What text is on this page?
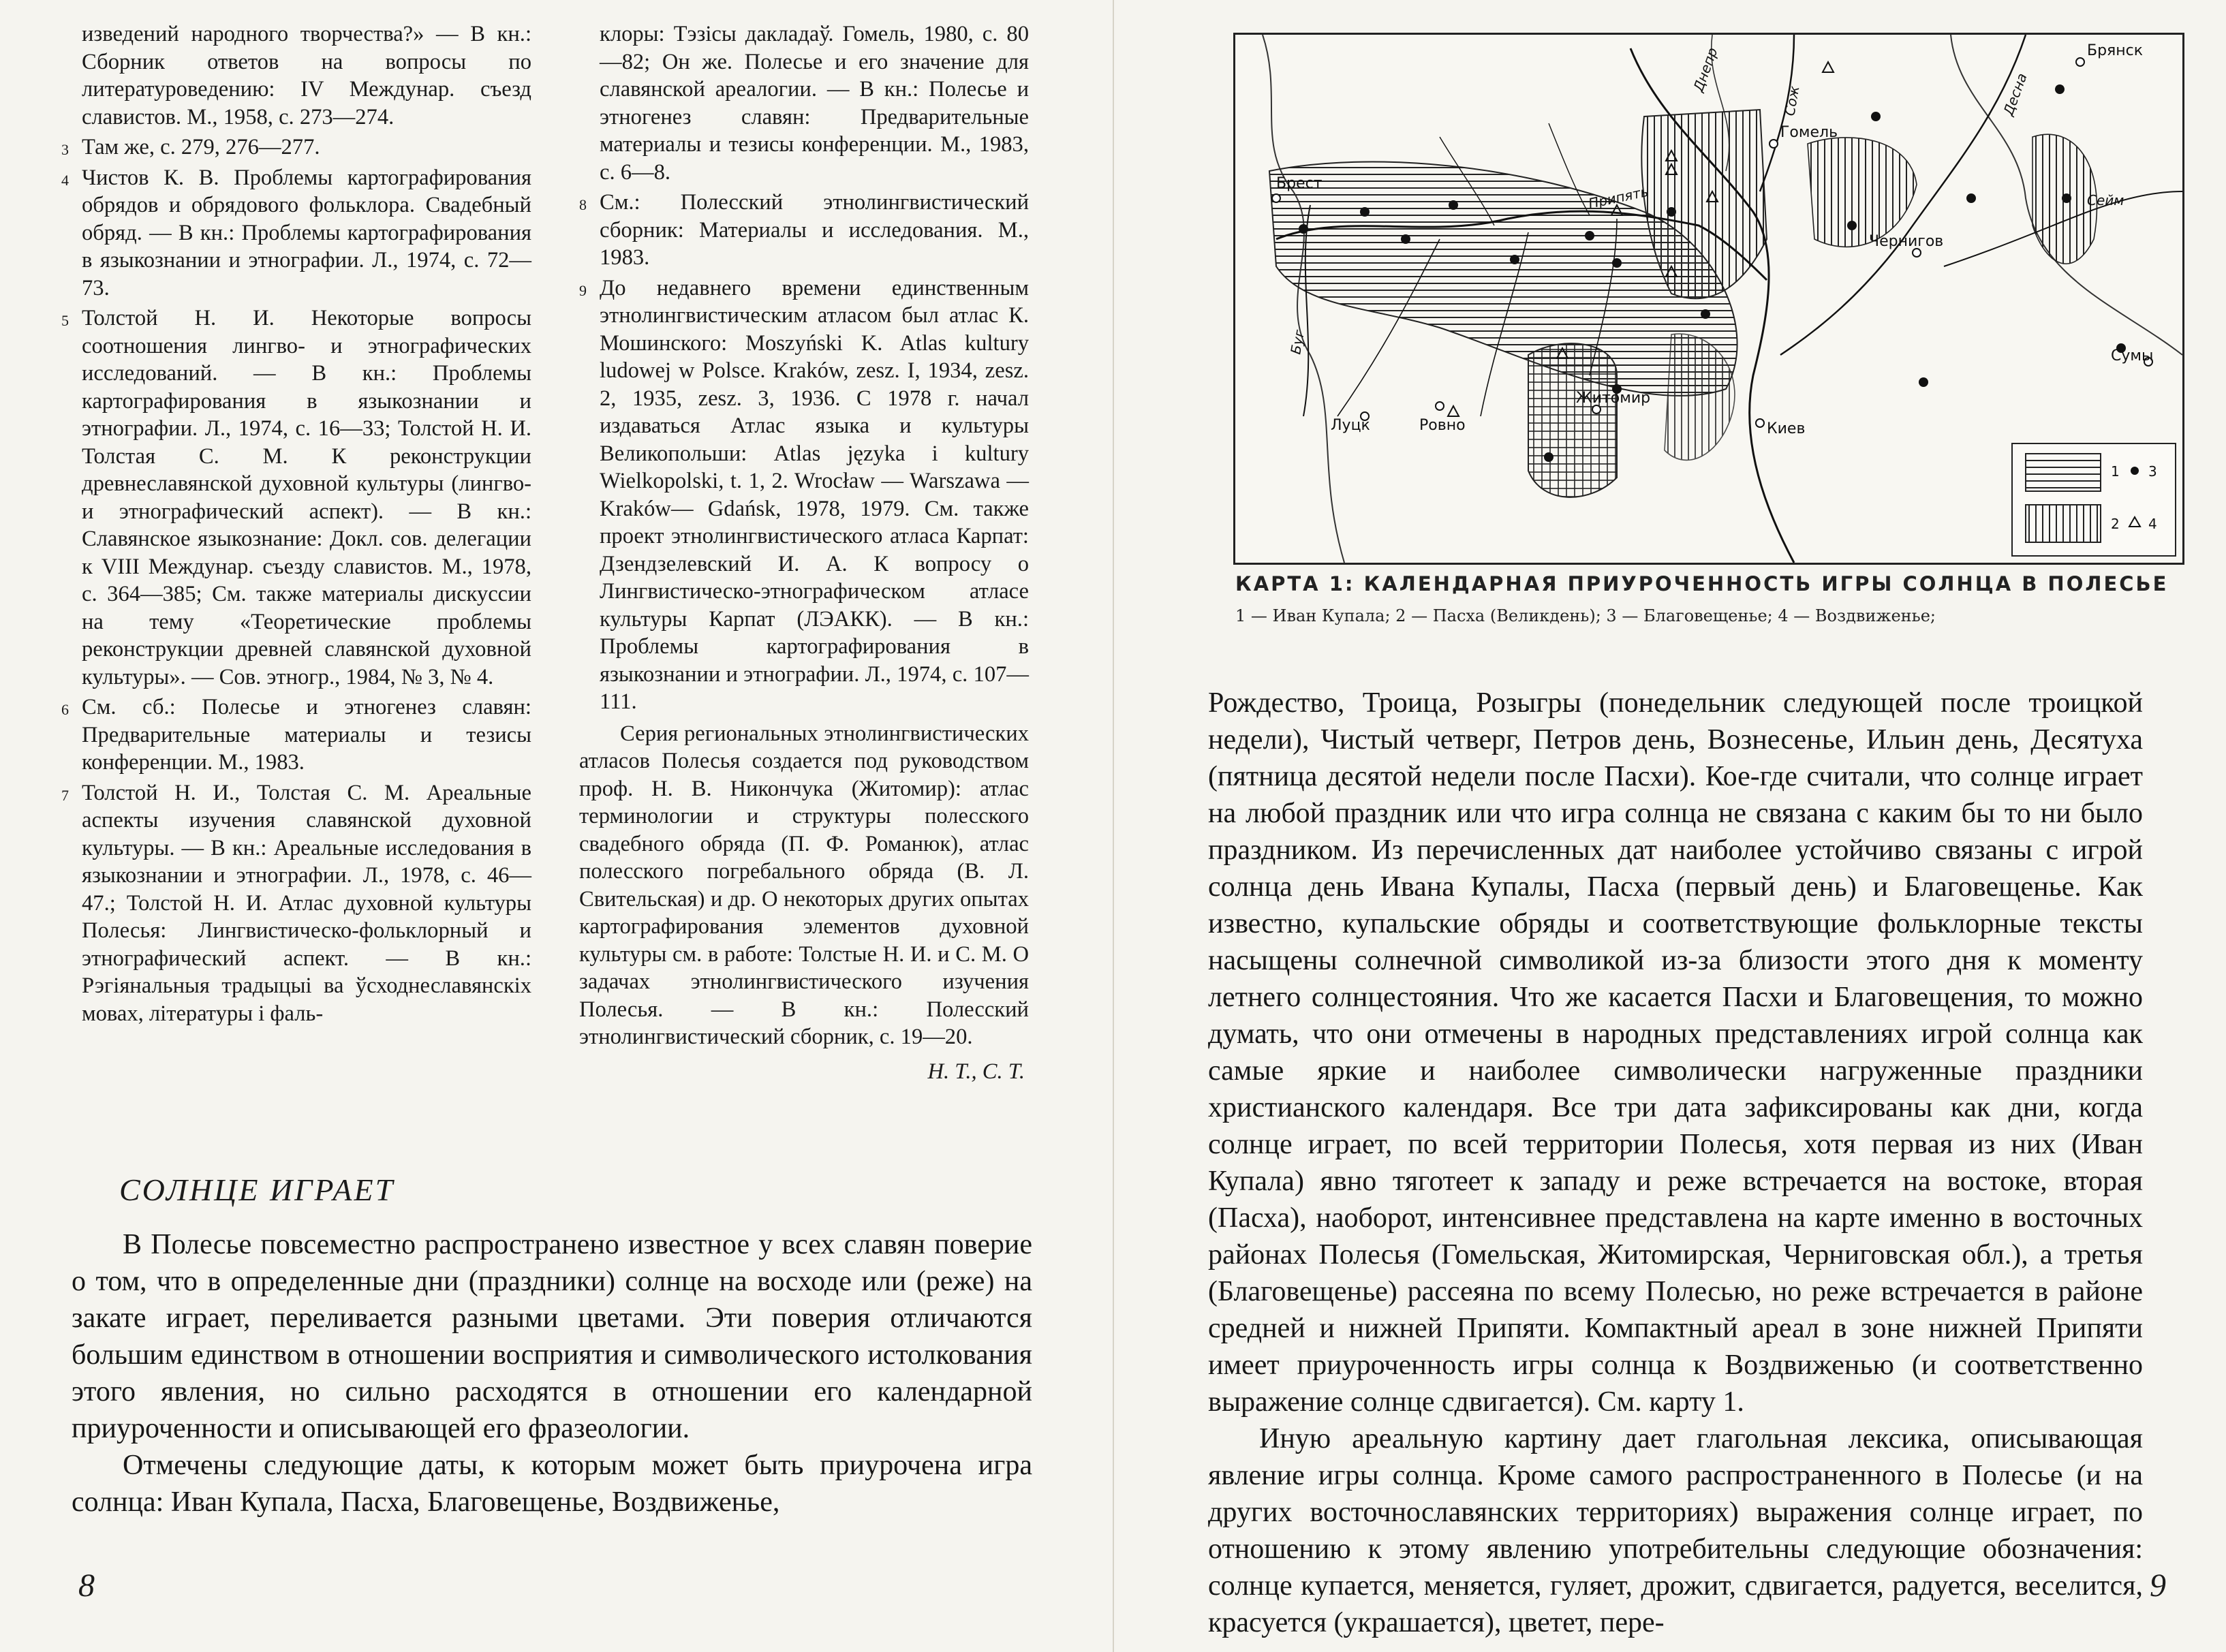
изведений народного творчества?» — В кн.: Сборник ответов на вопросы по литературоведению: IV Междунар. съезд славистов. М., 1958, с. 273—274.

3 Там же, с. 279, 276—277.

4 Чистов К. В. Проблемы картографирования обрядов и обрядового фольклора. Свадебный обряд. — В кн.: Проблемы картографирования в языкознании и этнографии. Л., 1974, с. 72—73.

5 Толстой Н. И. Некоторые вопросы соотношения лингво- и этнографических исследований. — В кн.: Проблемы картографирования в языкознании и этнографии. Л., 1974, с. 16—33; Толстой Н. И. Толстая С. М. К реконструкции древнеславянской духовной культуры (лингво- и этнографический аспект). — В кн.: Славянское языкознание: Докл. сов. делегации к VIII Междунар. съезду славистов. М., 1978, с. 364—385; См. также материалы дискуссии на тему «Теоретические проблемы реконструкции древней славянской духовной культуры». — Сов. этногр., 1984, № 3, № 4.

6 См. сб.: Полесье и этногенез славян: Предварительные материалы и тезисы конференции. М., 1983.

7 Толстой Н. И., Толстая С. М. Ареальные аспекты изучения славянской духовной культуры. — В кн.: Ареальные исследования в языкознании и этнографии. Л., 1978, с. 46—47.; Толстой Н. И. Атлас духовной культуры Полесья: Лингвистическо-фольклорный и этнографический аспект. — В кн.: Рэгіянальныя традыцыі ва ўсходнеславянскіх мовах, літературы і фаль-

клоры: Тэзісы дакладаў. Гомель, 1980, с. 80—82; Он же. Полесье и его значение для славянской ареалогии. — В кн.: Полесье и этногенез славян: Предварительные материалы и тезисы конференции. М., 1983, с. 6—8.

8 См.: Полесский этнолингвистический сборник: Материалы и исследования. М., 1983.

9 До недавнего времени единственным этнолингвистическим атласом был атлас К. Мошинского: Moszyński K. Atlas kultury ludowej w Polsce. Kraków, zesz. I, 1934, zesz. 2, 1935, zesz. 3, 1936. С 1978 г. начал издаваться Атлас языка и культуры Великопольши: Atlas języka i kultury Wielkopolski, t. 1, 2. Wrocław — Warszawa — Kraków— Gdańsk, 1978, 1979. См. также проект этнолингвистического атласа Карпат: Дзендзелевский И. А. К вопросу о Лингвистическо-этнографическом атласе культуры Карпат (ЛЭАКК). — В кн.: Проблемы картографирования в языкознании и этнографии. Л., 1974, с. 107—111.

Серия региональных этнолингвистических атласов Полесья создается под руководством проф. Н. В. Никончука (Житомир): атлас терминологии и структуры полесского свадебного обряда (П. Ф. Романюк), атлас полесского погребального обряда (В. Л. Свительская) и др. О некоторых других опытах картографирования элементов духовной культуры см. в работе: Толстые Н. И. и С. М. О задачах этнолингвистического изучения Полесья. — В кн.: Полесский этнолингвистический сборник, с. 19—20.

Н. Т., С. Т.
СОЛНЦЕ ИГРАЕТ

В Полесье повсеместно распространено известное у всех славян поверие о том, что в определенные дни (праздники) солнце на восходе или (реже) на закате играет, переливается разными цветами. Эти поверия отличаются большим единством в отношении восприятия и символического истолкования этого явления, но сильно расходятся в отношении его календарной приуроченности и описывающей его фразеологии.

Отмечены следующие даты, к которым может быть приурочена игра солнца: Иван Купала, Пасха, Благовещенье, Воздвиженье,

8
Брянск
Гомель
Брест
Чернигов
Сумы
Луцк	Ровно
Житомир
Киев
Днепр
Сож	Десна
Сейм
Припять
Буг
1 3
2 4
КАРТА 1: КАЛЕНДАРНАЯ ПРИУРОЧЕННОСТЬ ИГРЫ СОЛНЦА В ПОЛЕСЬЕ
1 — Иван Купала; 2 — Пасха (Великдень); 3 — Благовещенье; 4 — Воздвиженье;

Рождество, Троица, Розыгры (понедельник следующей после троицкой недели), Чистый четверг, Петров день, Вознесенье, Ильин день, Десятуха (пятница десятой недели после Пасхи). Кое-где считали, что солнце играет на любой праздник или что игра солнца не связана с каким бы то ни было праздником. Из перечисленных дат наиболее устойчиво связаны с игрой солнца день Ивана Купалы, Пасха (первый день) и Благовещенье. Как известно, купальские обряды и соответствующие фольклорные тексты насыщены солнечной символикой из-за близости этого дня к моменту летнего солнцестояния. Что же касается Пасхи и Благовещения, то можно думать, что они отмечены в народных представлениях игрой солнца как самые яркие и наиболее символически нагруженные праздники христианского календаря. Все три дата зафиксированы как дни, когда солнце играет, по всей территории Полесья, хотя первая из них (Иван Купала) явно тяготеет к западу и реже встречается на востоке, вторая (Пасха), наоборот, интенсивнее представлена на карте именно в восточных районах Полесья (Гомельская, Житомирская, Черниговская обл.), а третья (Благовещенье) рассеяна по всему Полесью, но реже встречается в районе средней и нижней Припяти. Компактный ареал в зоне нижней Припяти имеет приуроченность игры солнца к Воздвиженью (и соответственно выражение солнце сдвигается). См. карту 1.

Иную ареальную картину дает глагольная лексика, описывающая явление игры солнца. Кроме самого распространенного в Полесье (и на других восточнославянских территориях) выражения солнце играет, по отношению к этому явлению употребительны следующие обозначения: солнце купается, меняется, гуляет, дрожит, сдвигается, радуется, веселится, красуется (украшается), цветет, пере-

9
